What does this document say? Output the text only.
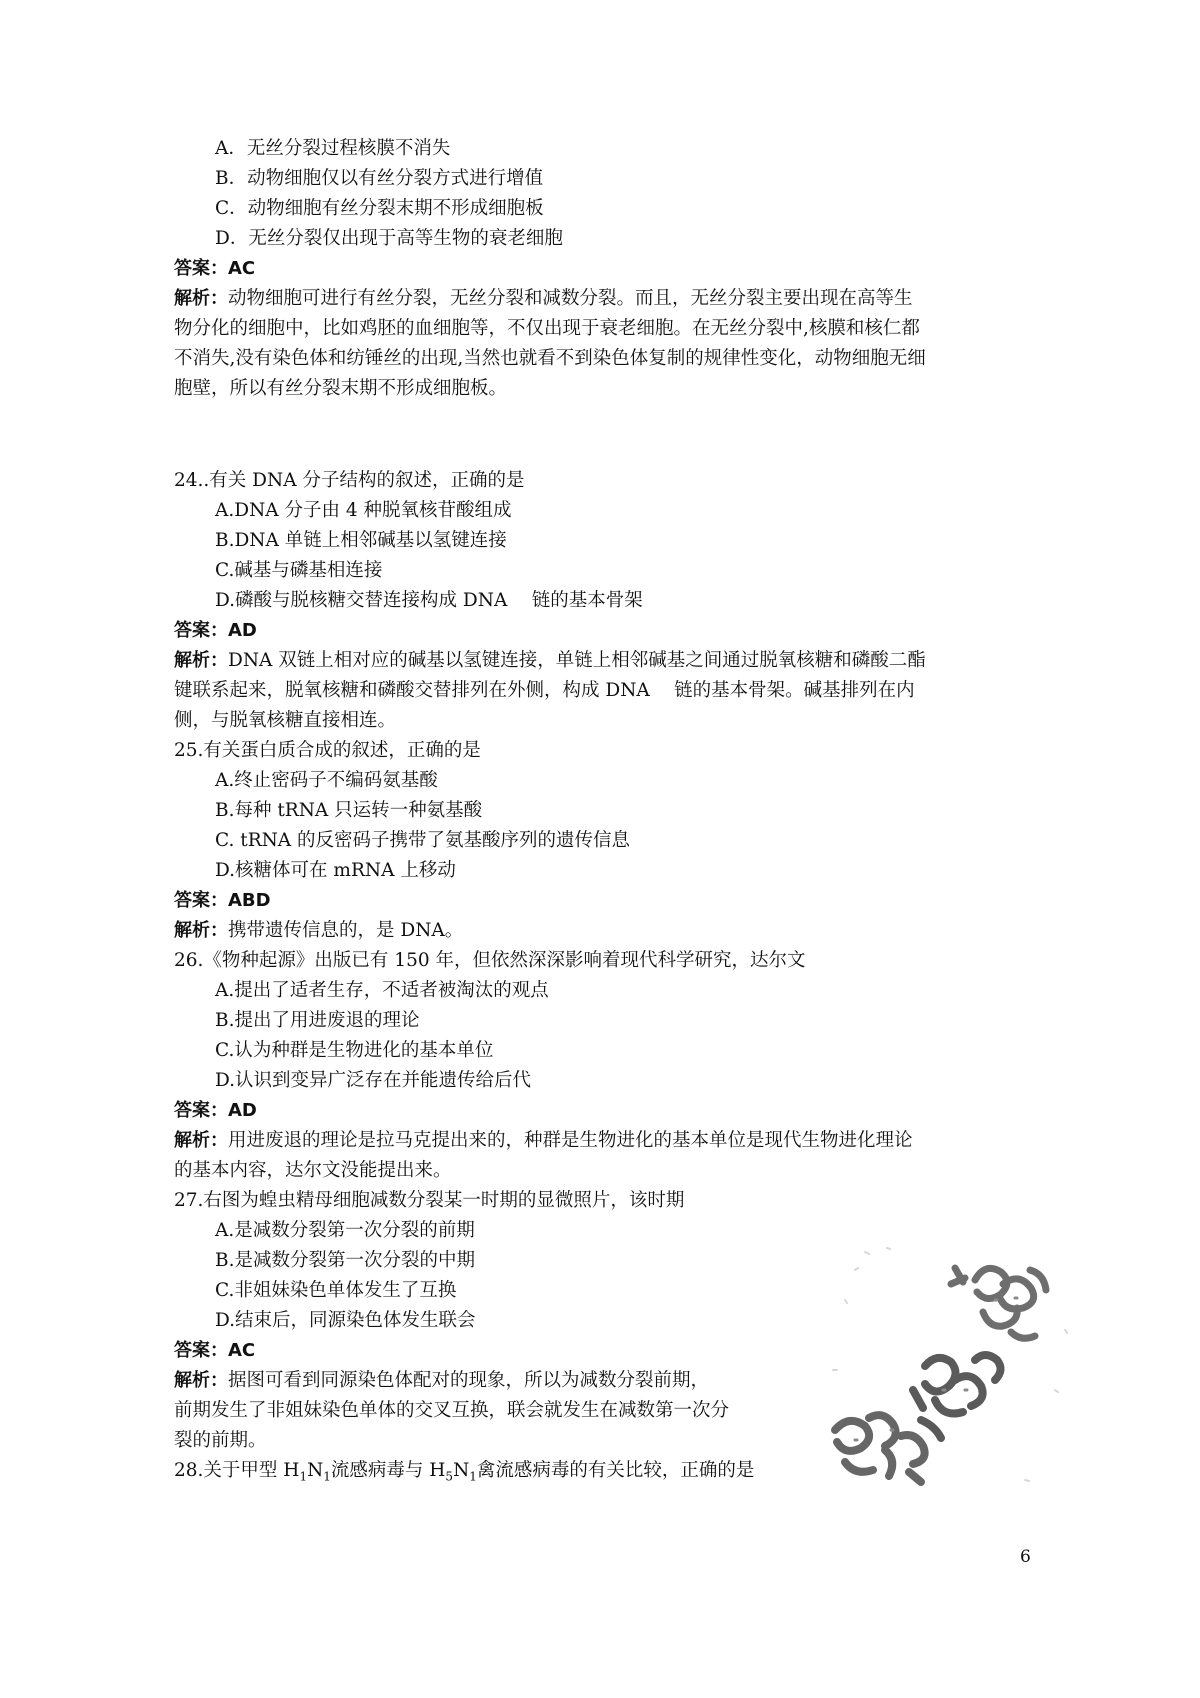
A．无丝分裂过程核膜不消失
B．动物细胞仅以有丝分裂方式进行增值
C．动物细胞有丝分裂末期不形成细胞板
D．无丝分裂仅出现于高等生物的衰老细胞
答案：AC
解析：动物细胞可进行有丝分裂，无丝分裂和减数分裂。而且，无丝分裂主要出现在高等生
物分化的细胞中，比如鸡胚的血细胞等，不仅出现于衰老细胞。在无丝分裂中,核膜和核仁都
不消失,没有染色体和纺锤丝的出现,当然也就看不到染色体复制的规律性变化，动物细胞无细
胞壁，所以有丝分裂末期不形成细胞板。
24..有关 DNA 分子结构的叙述，正确的是
A.DNA 分子由 4 种脱氧核苷酸组成
B.DNA 单链上相邻碱基以氢键连接
C.碱基与磷基相连接
D.磷酸与脱核糖交替连接构成 DNA　 链的基本骨架
答案：AD
解析：DNA 双链上相对应的碱基以氢键连接，单链上相邻碱基之间通过脱氧核糖和磷酸二酯
键联系起来，脱氧核糖和磷酸交替排列在外侧，构成 DNA　 链的基本骨架。碱基排列在内
侧，与脱氧核糖直接相连。
25.有关蛋白质合成的叙述，正确的是
A.终止密码子不编码氨基酸
B.每种 tRNA 只运转一种氨基酸
C. tRNA 的反密码子携带了氨基酸序列的遗传信息
D.核糖体可在 mRNA 上移动
答案：ABD
解析：携带遗传信息的，是 DNA。
26.《物种起源》出版已有 150 年，但依然深深影响着现代科学研究，达尔文
A.提出了适者生存，不适者被淘汰的观点
B.提出了用进废退的理论
C.认为种群是生物进化的基本单位
D.认识到变异广泛存在并能遗传给后代
答案：AD
解析：用进废退的理论是拉马克提出来的，种群是生物进化的基本单位是现代生物进化理论
的基本内容，达尔文没能提出来。
27.右图为蝗虫精母细胞减数分裂某一时期的显微照片，该时期
A.是减数分裂第一次分裂的前期
B.是减数分裂第一次分裂的中期
C.非姐妹染色单体发生了互换
D.结束后，同源染色体发生联会
答案：AC
解析：据图可看到同源染色体配对的现象，所以为减数分裂前期，
前期发生了非姐妹染色单体的交叉互换，联会就发生在减数第一次分
裂的前期。
28.关于甲型 $H_1N_1$流感病毒与 $H_5N_1$禽流感病毒的有关比较，正确的是
6
